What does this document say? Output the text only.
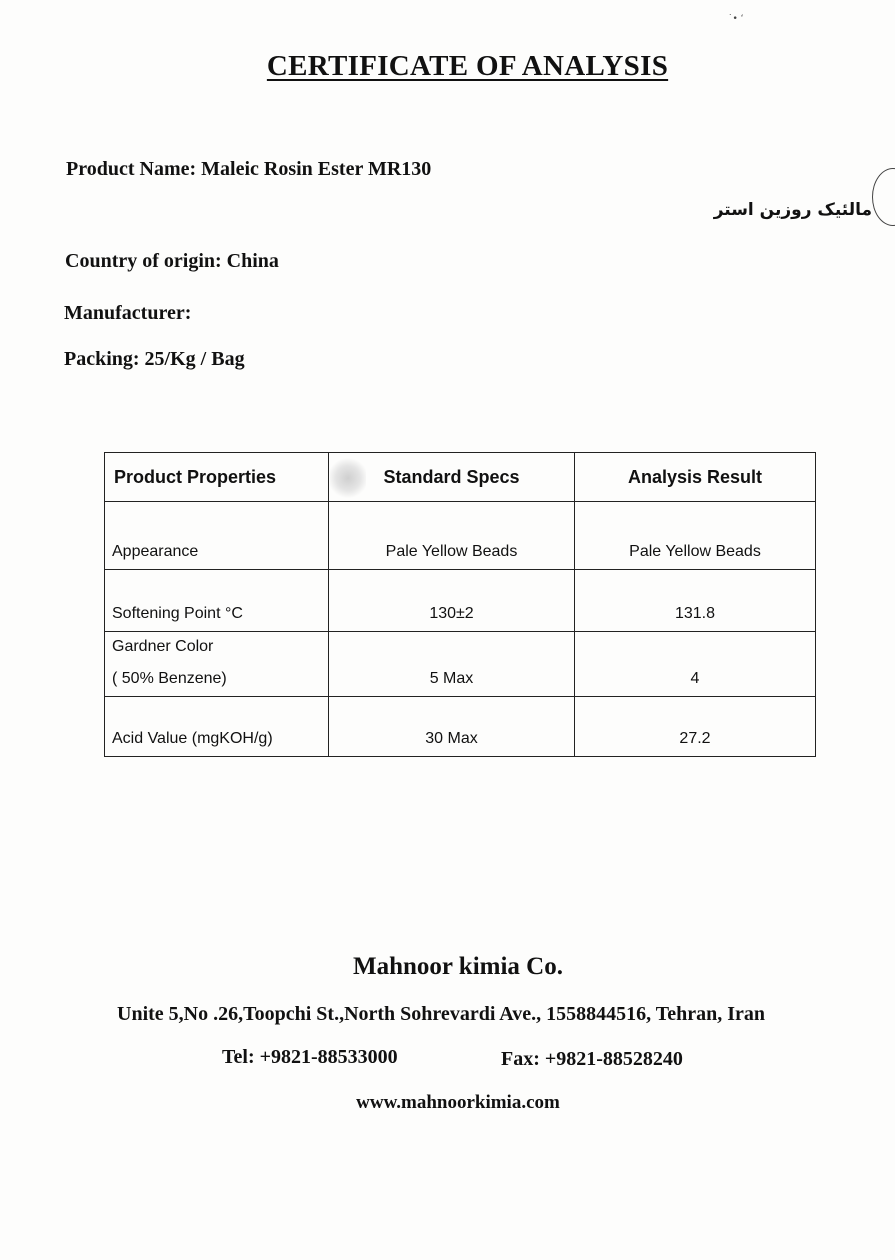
˙• ʻ
CERTIFICATE OF ANALYSIS
Product Name: Maleic Rosin Ester MR130
مالئیک روزین استر
Country of origin: China
Manufacturer:
Packing: 25/Kg / Bag
Product Properties	Standard Specs	Analysis Result
Appearance	Pale Yellow Beads	Pale Yellow Beads
Softening Point °C	130±2	131.8

Gardner Color
( 50% Benzene)	5 Max	4
Acid Value (mgKOH/g)	30 Max	27.2
Mahnoor kimia Co.
Unite 5,No .26,Toopchi St.,North Sohrevardi Ave., 1558844516, Tehran, Iran
Tel: +9821-88533000	Fax: +9821-88528240
www.mahnoorkimia.com
